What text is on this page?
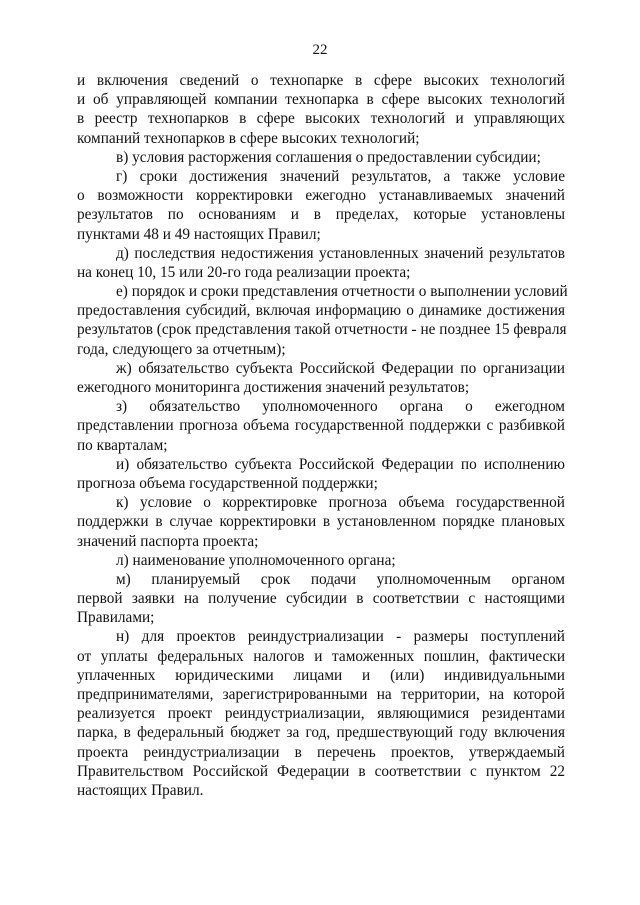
22
и включения сведений о технопарке в сфере высоких технологий
и об управляющей компании технопарка в сфере высоких технологий
в реестр технопарков в сфере высоких технологий и управляющих
компаний технопарков в сфере высоких технологий;
в) условия расторжения соглашения о предоставлении субсидии;
г) сроки достижения значений результатов, а также условие
о возможности корректировки ежегодно устанавливаемых значений
результатов по основаниям и в пределах, которые установлены
пунктами 48 и 49 настоящих Правил;
д) последствия недостижения установленных значений результатов
на конец 10, 15 или 20-го года реализации проекта;
е) порядок и сроки представления отчетности о выполнении условий
предоставления субсидий, включая информацию о динамике достижения
результатов (срок представления такой отчетности - не позднее 15 февраля
года, следующего за отчетным);
ж) обязательство субъекта Российской Федерации по организации
ежегодного мониторинга достижения значений результатов;
з) обязательство уполномоченного органа о ежегодном
представлении прогноза объема государственной поддержки с разбивкой
по кварталам;
и) обязательство субъекта Российской Федерации по исполнению
прогноза объема государственной поддержки;
к) условие о корректировке прогноза объема государственной
поддержки в случае корректировки в установленном порядке плановых
значений паспорта проекта;
л) наименование уполномоченного органа;
м) планируемый срок подачи уполномоченным органом
первой заявки на получение субсидии в соответствии с настоящими
Правилами;
н) для проектов реиндустриализации - размеры поступлений
от уплаты федеральных налогов и таможенных пошлин, фактически
уплаченных юридическими лицами и (или) индивидуальными
предпринимателями, зарегистрированными на территории, на которой
реализуется проект реиндустриализации, являющимися резидентами
парка, в федеральный бюджет за год, предшествующий году включения
проекта реиндустриализации в перечень проектов, утверждаемый
Правительством Российской Федерации в соответствии с пунктом 22
настоящих Правил.
